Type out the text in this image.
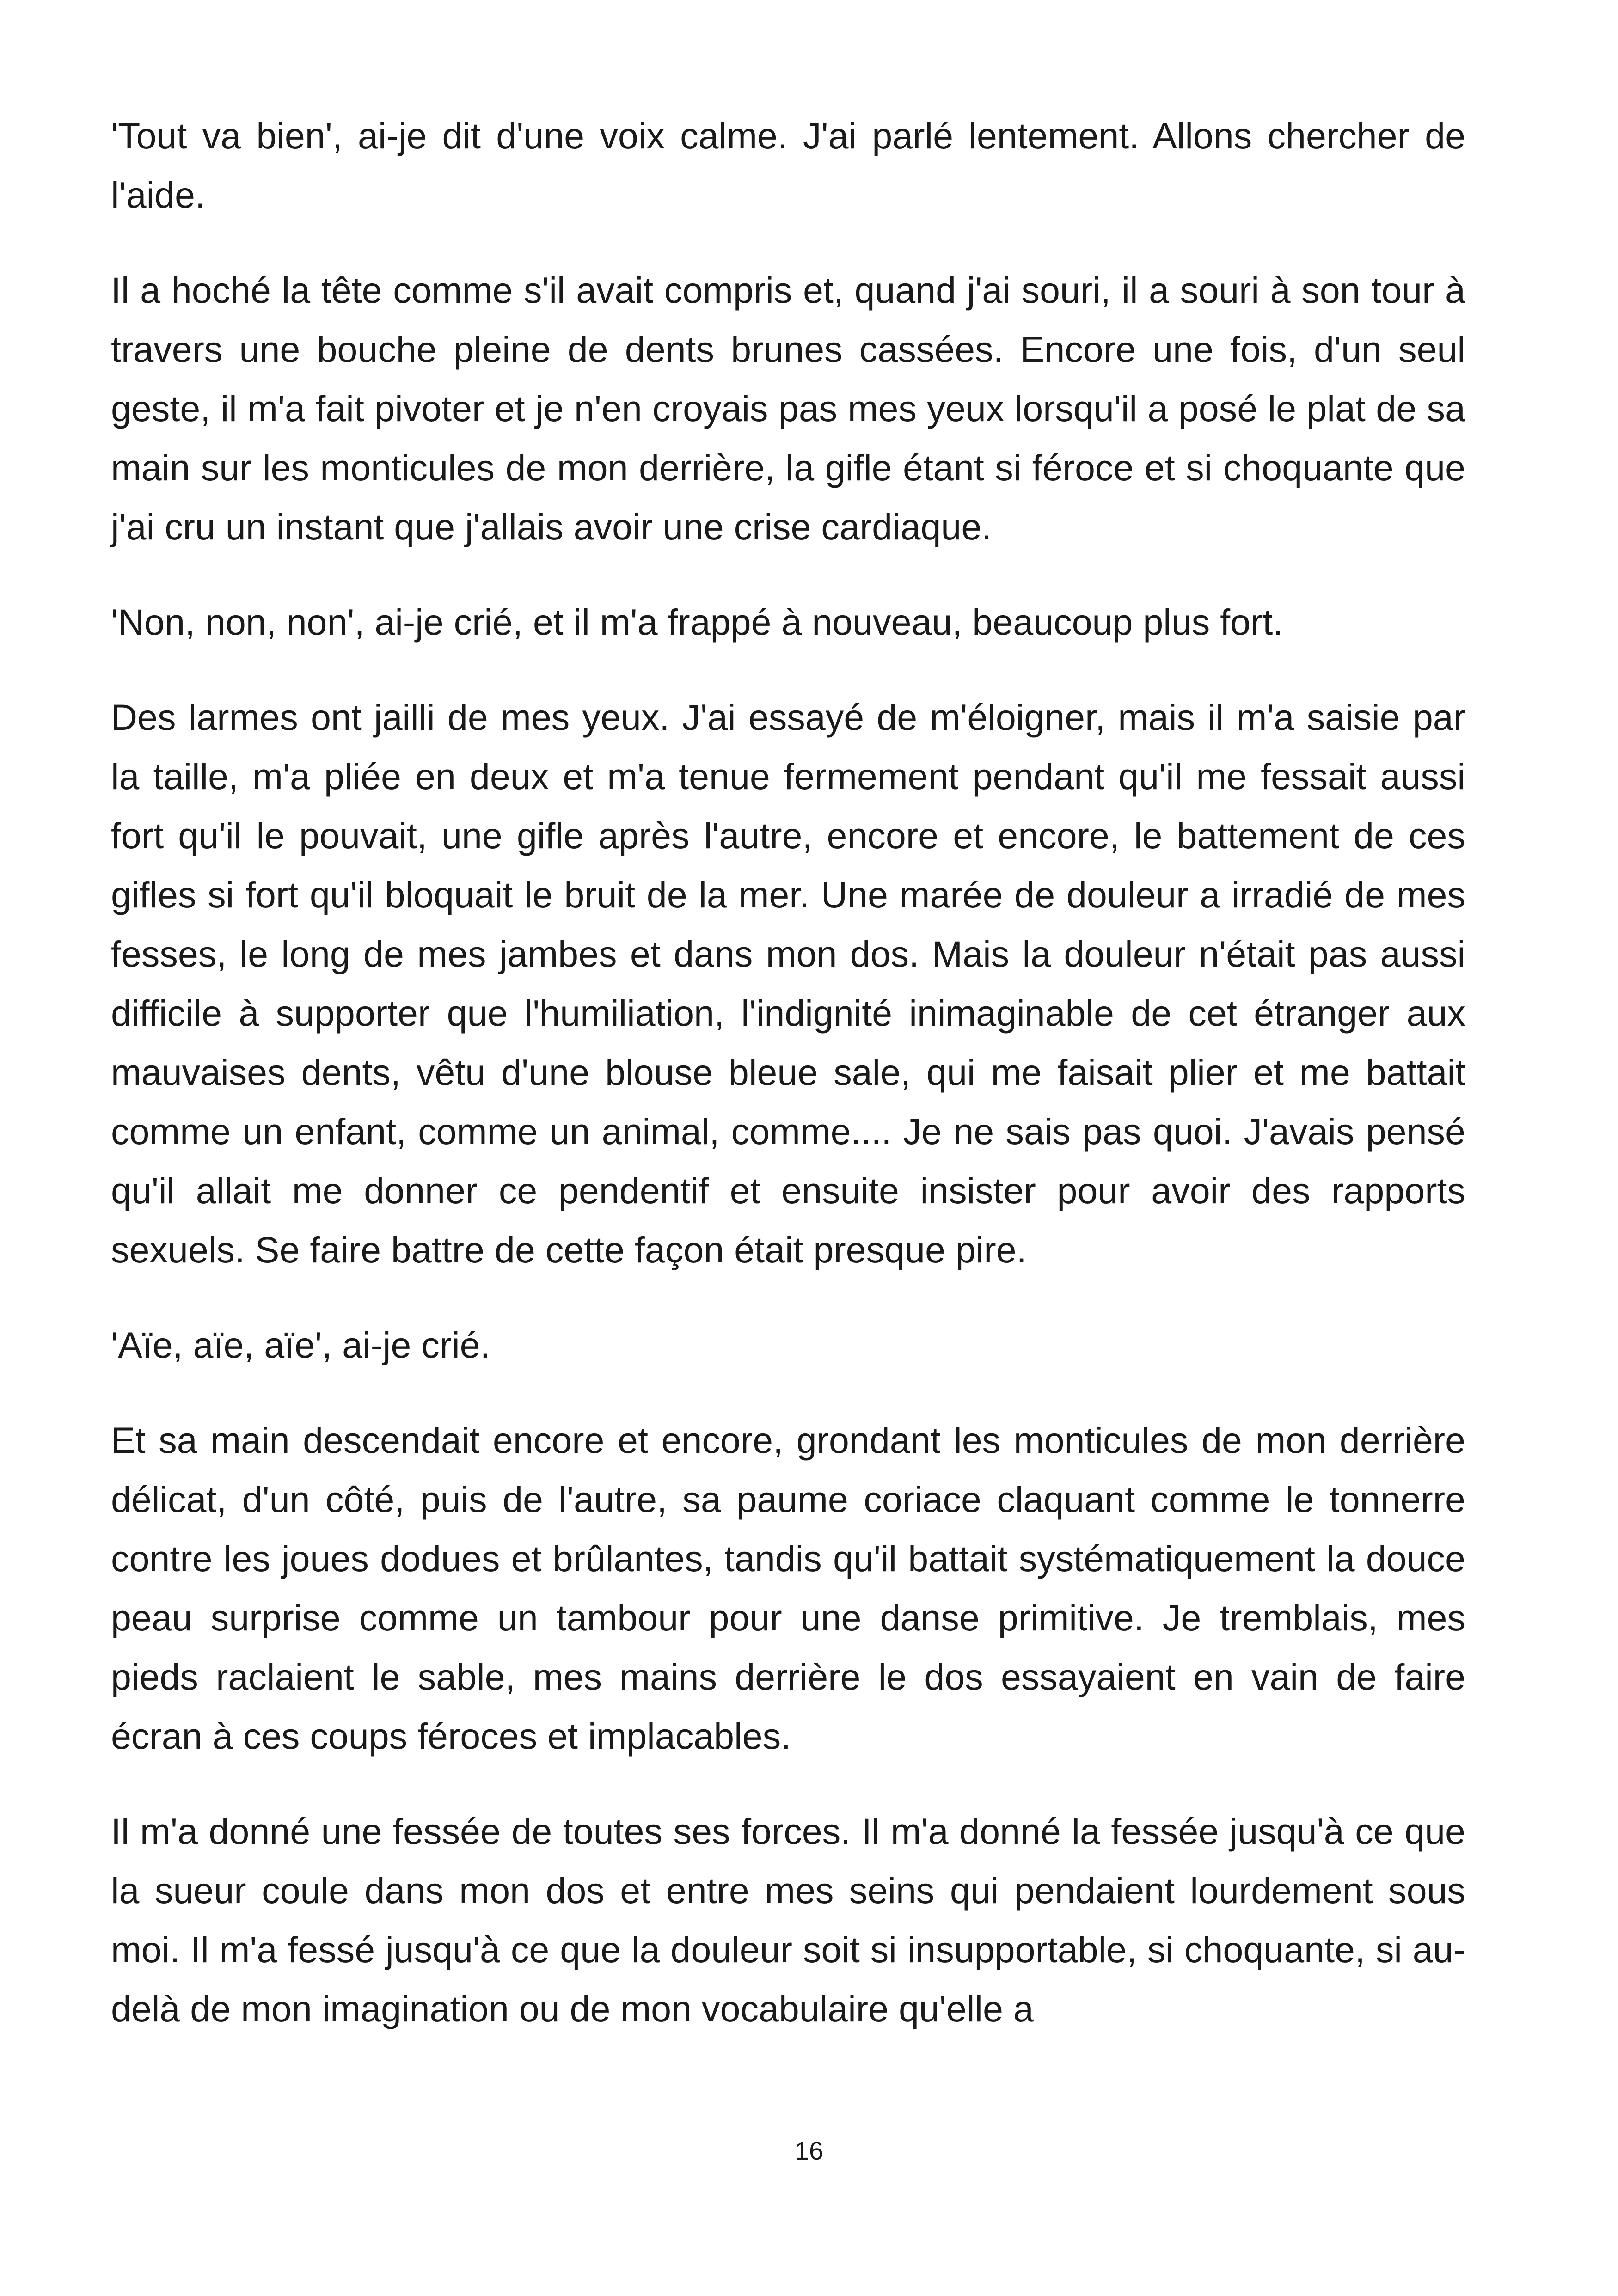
'Tout va bien', ai-je dit d'une voix calme. J'ai parlé lentement. Allons chercher de l'aide.

Il a hoché la tête comme s'il avait compris et, quand j'ai souri, il a souri à son tour à travers une bouche pleine de dents brunes cassées. Encore une fois, d'un seul geste, il m'a fait pivoter et je n'en croyais pas mes yeux lorsqu'il a posé le plat de sa main sur les monticules de mon derrière, la gifle étant si féroce et si choquante que j'ai cru un instant que j'allais avoir une crise cardiaque.

'Non, non, non', ai-je crié, et il m'a frappé à nouveau, beaucoup plus fort.

Des larmes ont jailli de mes yeux. J'ai essayé de m'éloigner, mais il m'a saisie par la taille, m'a pliée en deux et m'a tenue fermement pendant qu'il me fessait aussi fort qu'il le pouvait, une gifle après l'autre, encore et encore, le battement de ces gifles si fort qu'il bloquait le bruit de la mer. Une marée de douleur a irradié de mes fesses, le long de mes jambes et dans mon dos. Mais la douleur n'était pas aussi difficile à supporter que l'humiliation, l'indignité inimaginable de cet étranger aux mauvaises dents, vêtu d'une blouse bleue sale, qui me faisait plier et me battait comme un enfant, comme un animal, comme.... Je ne sais pas quoi. J'avais pensé qu'il allait me donner ce pendentif et ensuite insister pour avoir des rapports sexuels. Se faire battre de cette façon était presque pire.

'Aïe, aïe, aïe', ai-je crié.

Et sa main descendait encore et encore, grondant les monticules de mon derrière délicat, d'un côté, puis de l'autre, sa paume coriace claquant comme le tonnerre contre les joues dodues et brûlantes, tandis qu'il battait systématiquement la douce peau surprise comme un tambour pour une danse primitive. Je tremblais, mes pieds raclaient le sable, mes mains derrière le dos essayaient en vain de faire écran à ces coups féroces et implacables.

Il m'a donné une fessée de toutes ses forces. Il m'a donné la fessée jusqu'à ce que la sueur coule dans mon dos et entre mes seins qui pendaient lourdement sous moi. Il m'a fessé jusqu'à ce que la douleur soit si insupportable, si choquante, si au-delà de mon imagination ou de mon vocabulaire qu'elle a

16
